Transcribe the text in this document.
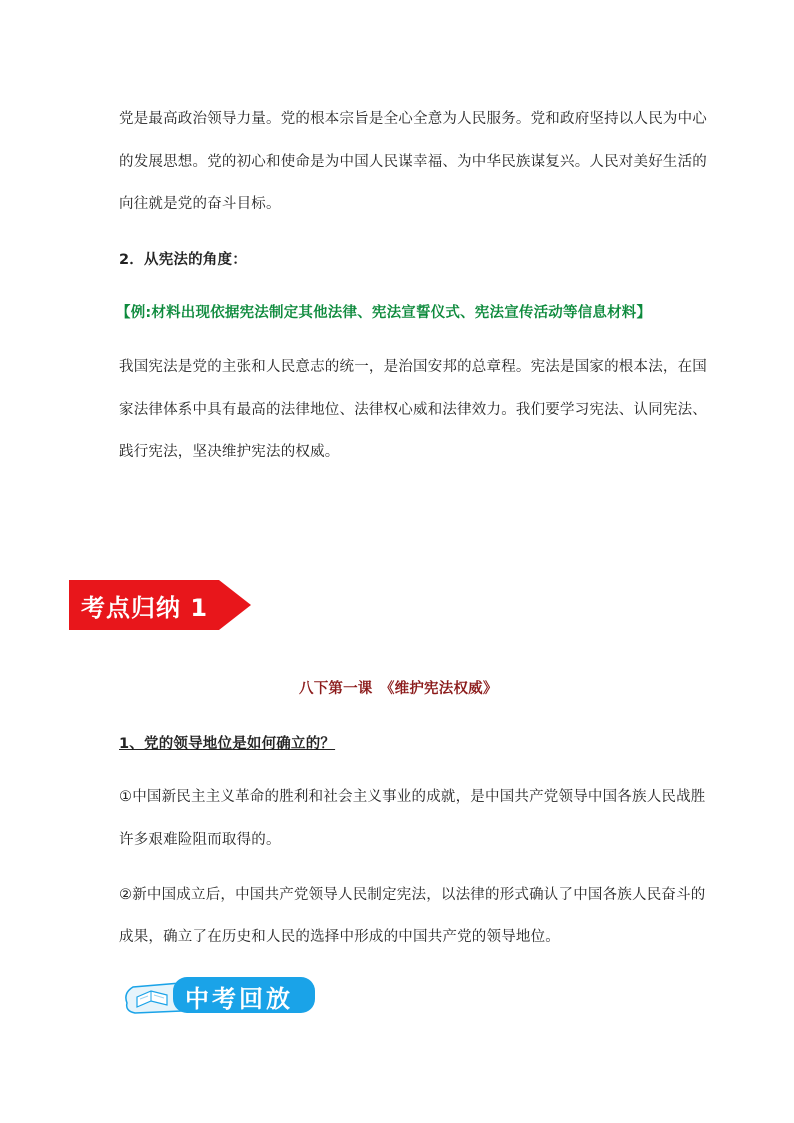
党是最高政治领导力量。党的根本宗旨是全心全意为人民服务。党和政府坚持以人民为中心
的发展思想。党的初心和使命是为中国人民谋幸福、为中华民族谋复兴。人民对美好生活的
向往就是党的奋斗目标。
2．从宪法的角度：
【例:材料出现依据宪法制定其他法律、宪法宣誓仪式、宪法宣传活动等信息材料】
我国宪法是党的主张和人民意志的统一，是治国安邦的总章程。宪法是国家的根本法，在国
家法律体系中具有最高的法律地位、法律权心威和法律效力。我们要学习宪法、认同宪法、
践行宪法，坚决维护宪法的权威。
考点归纳 1
八下第一课　《维护宪法权威》
1、党的领导地位是如何确立的？
①中国新民主主义革命的胜利和社会主义事业的成就，是中国共产党领导中国各族人民战胜
许多艰难险阻而取得的。
②新中国成立后，中国共产党领导人民制定宪法，以法律的形式确认了中国各族人民奋斗的
成果，确立了在历史和人民的选择中形成的中国共产党的领导地位。
中考回放
